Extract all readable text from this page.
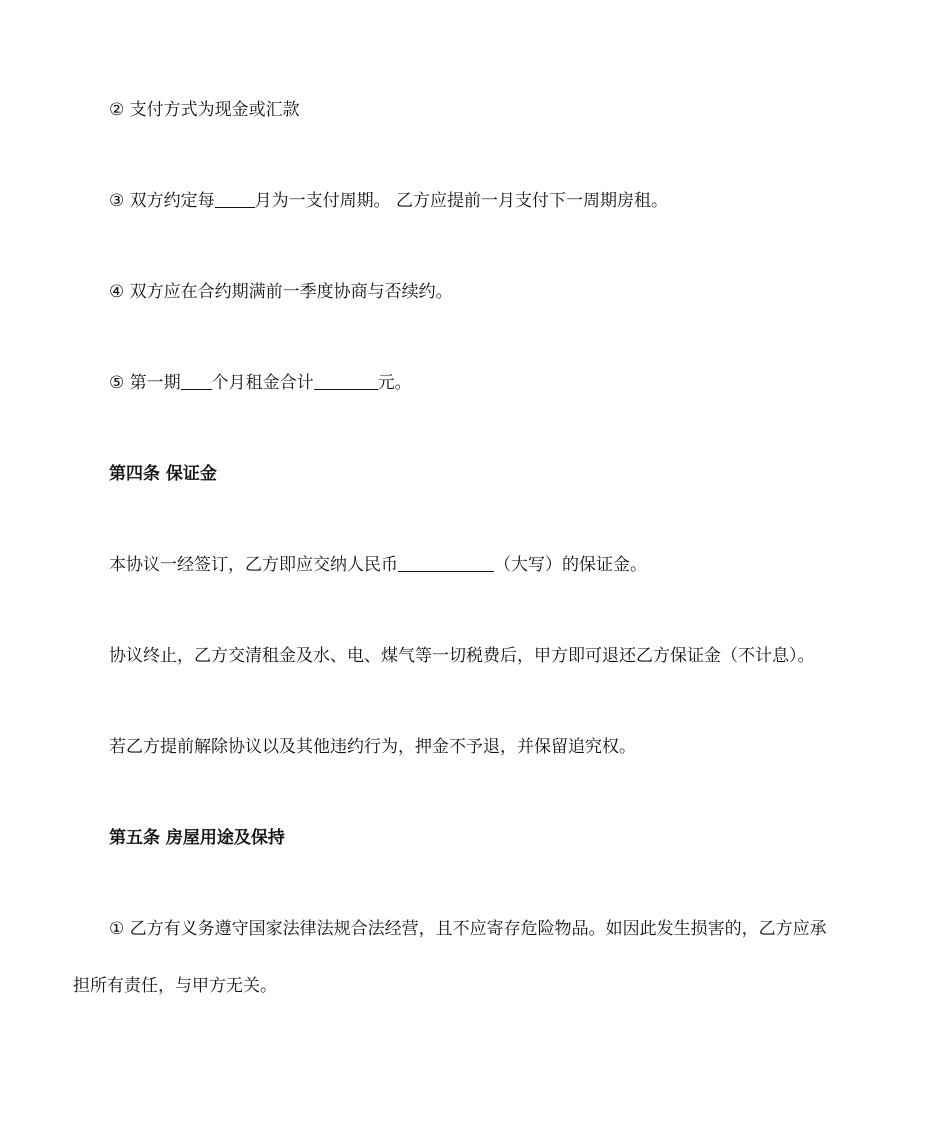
② 支付方式为现金或汇款
③ 双方约定每 月为一支付周期。 乙方应提前一月支付下一周期房租。
④ 双方应在合约期满前一季度协商与否续约。
⑤ 第一期 个月租金合计	元。
第四条 保证金
本协议一经签订，乙方即应交纳人民币	（大写）的保证金。
协议终止，乙方交清租金及水、电、煤气等一切税费后，甲方即可退还乙方保证金（不计息）。
若乙方提前解除协议以及其他违约行为，押金不予退，并保留追究权。
第五条 房屋用途及保持
① 乙方有义务遵守国家法律法规合法经营，且不应寄存危险物品。如因此发生损害的，乙方应承
担所有责任，与甲方无关。
